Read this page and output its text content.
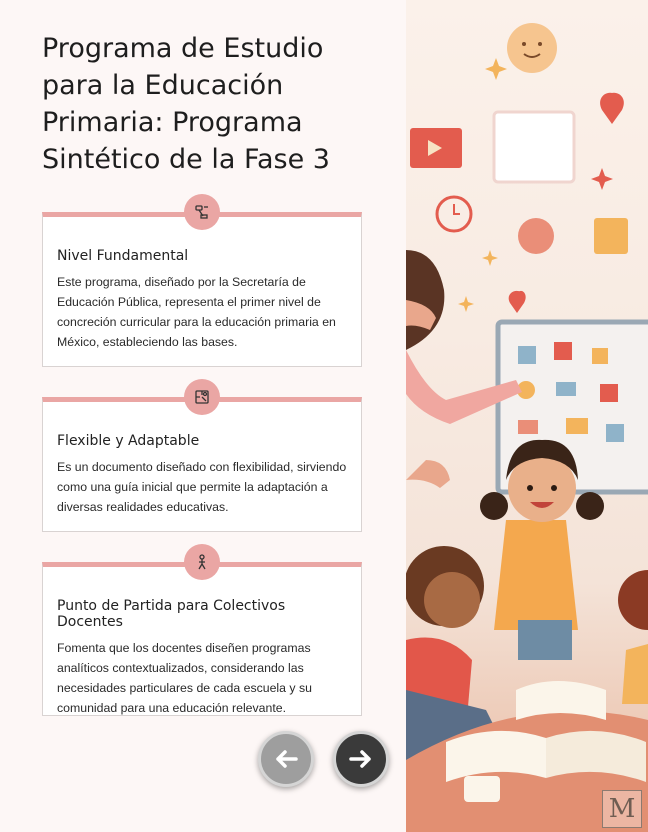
Programa de Estudio para la Educación Primaria: Programa Sintético de la Fase 3
Nivel Fundamental

Este programa, diseñado por la Secretaría de Educación Pública, representa el primer nivel de concreción curricular para la educación primaria en México, estableciendo las bases.

Flexible y Adaptable

Es un documento diseñado con flexibilidad, sirviendo como una guía inicial que permite la adaptación a diversas realidades educativas.

Punto de Partida para Colectivos Docentes

Fomenta que los docentes diseñen programas analíticos contextualizados, considerando las necesidades particulares de cada escuela y su comunidad para una educación relevante.

M
